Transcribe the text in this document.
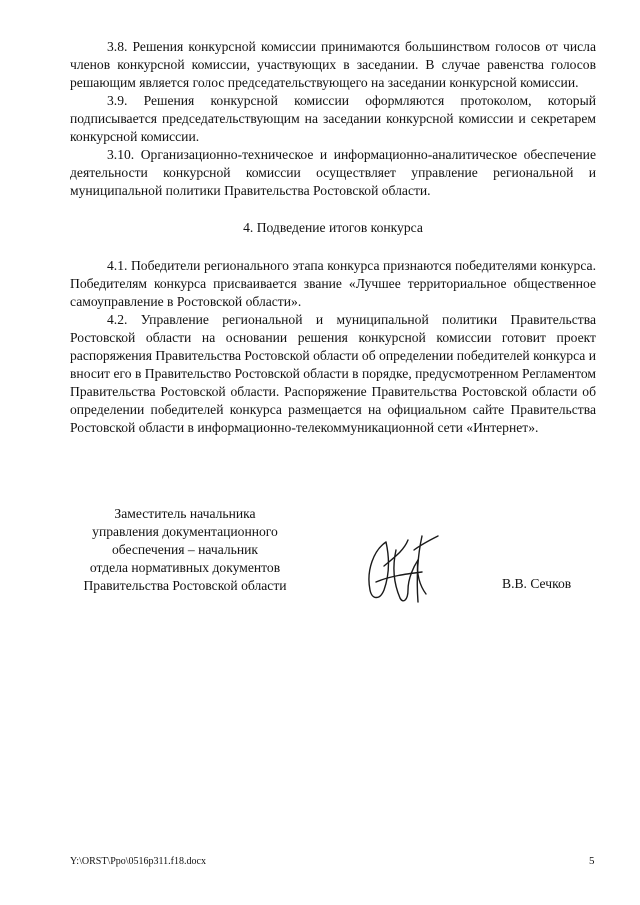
3.8. Решения конкурсной комиссии принимаются большинством голосов от числа членов конкурсной комиссии, участвующих в заседании. В случае равенства голосов решающим является голос председательствующего на заседании конкурсной комиссии.

3.9. Решения конкурсной комиссии оформляются протоколом, который подписывается председательствующим на заседании конкурсной комиссии и секретарем конкурсной комиссии.

3.10. Организационно-техническое и информационно-аналитическое обеспечение деятельности конкурсной комиссии осуществляет управление региональной и муниципальной политики Правительства Ростовской области.

4. Подведение итогов конкурса

4.1. Победители регионального этапа конкурса признаются победителями конкурса. Победителям конкурса присваивается звание «Лучшее территориальное общественное самоуправление в Ростовской области».

4.2. Управление региональной и муниципальной политики Правительства Ростовской области на основании решения конкурсной комиссии готовит проект распоряжения Правительства Ростовской области об определении победителей конкурса и вносит его в Правительство Ростовской области в порядке, предусмотренном Регламентом Правительства Ростовской области. Распоряжение Правительства Ростовской области об определении победителей конкурса размещается на официальном сайте Правительства Ростовской области в информационно-телекоммуникационной сети «Интернет».

Заместитель начальника
управления документационного
обеспечения – начальник
отдела нормативных документов
Правительства Ростовской области	В.В. Сечков
Y:\ORST\Ppo\0516p311.f18.docx	5
